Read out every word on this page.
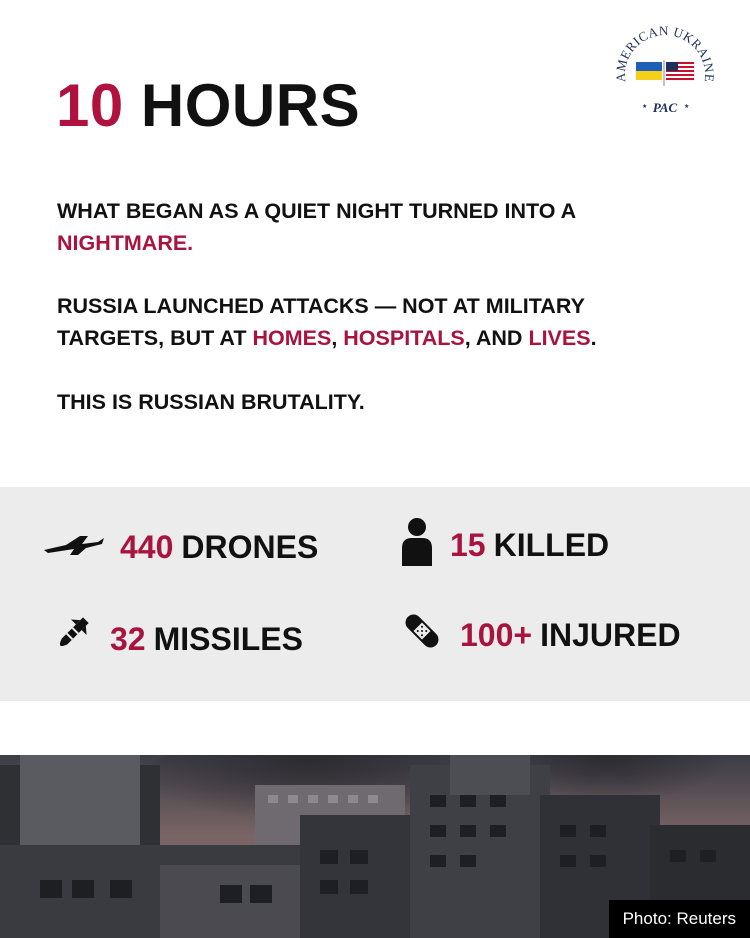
10 HOURS	AMERICAN UKRAINE
★	★
PAC
WHAT BEGAN AS A QUIET NIGHT TURNED INTO A NIGHTMARE.
RUSSIA LAUNCHED ATTACKS — NOT AT MILITARY TARGETS, BUT AT HOMES, HOSPITALS, AND LIVES.
THIS IS RUSSIAN BRUTALITY.
440 DRONES	15 KILLED
32 MISSILES	100+ INJURED
Photo: Reuters
